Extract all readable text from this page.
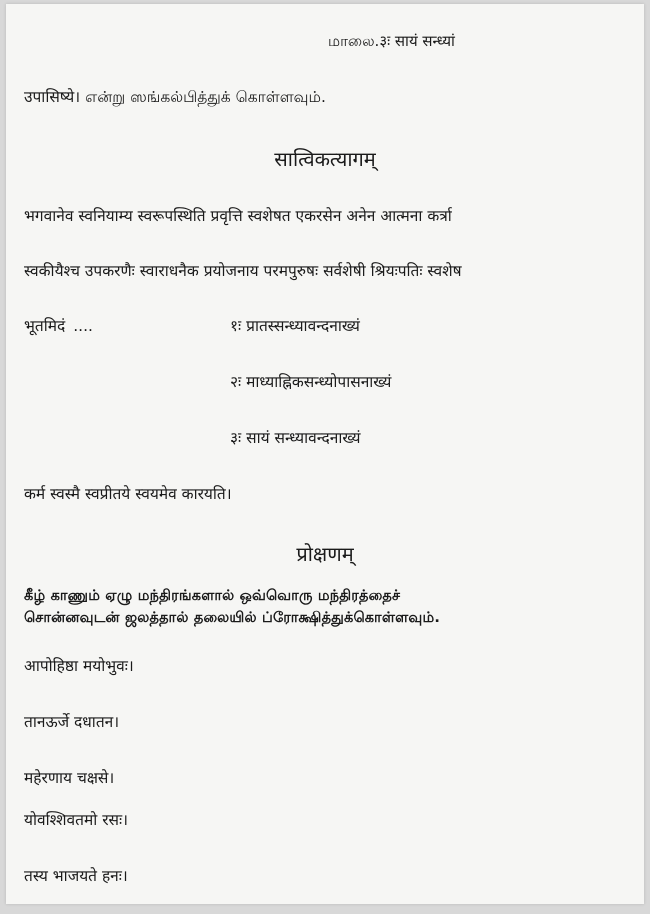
மாலை.३ः सायं सन्ध्यां
उपासिष्ये। என்று ஸங்கல்பித்துக் கொள்ளவும்.
सात्विकत्यागम्
भगवानेव स्वनियाम्य स्वरूपस्थिति प्रवृत्ति स्वशेषत एकरसेन अनेन आत्मना कर्त्रा
स्वकीयैश्च उपकरणैः स्वाराधनैक प्रयोजनाय परमपुरुषः सर्वशेषी श्रियःपतिः स्वशेष
भूतमिदं ....	१ः प्रातस्सन्ध्यावन्दनाख्यं
२ः माध्याह्निकसन्ध्योपासनाख्यं
३ः सायं सन्ध्यावन्दनाख्यं
कर्म स्वस्मै स्वप्रीतये स्वयमेव कारयति।
प्रोक्षणम्
கீழ் காணும் ஏழு மந்திரங்களால் ஒவ்வொரு மந்திரத்தைச்
சொன்னவுடன் ஜலத்தால் தலையில் ப்ரோக்ஷித்துக்கொள்ளவும்.
आपोहिष्ठा मयोभुवः।
तानऊर्जे दधातन।
महेरणाय चक्षसे।
योवश्शिवतमो रसः।
तस्य भाजयते हनः।
